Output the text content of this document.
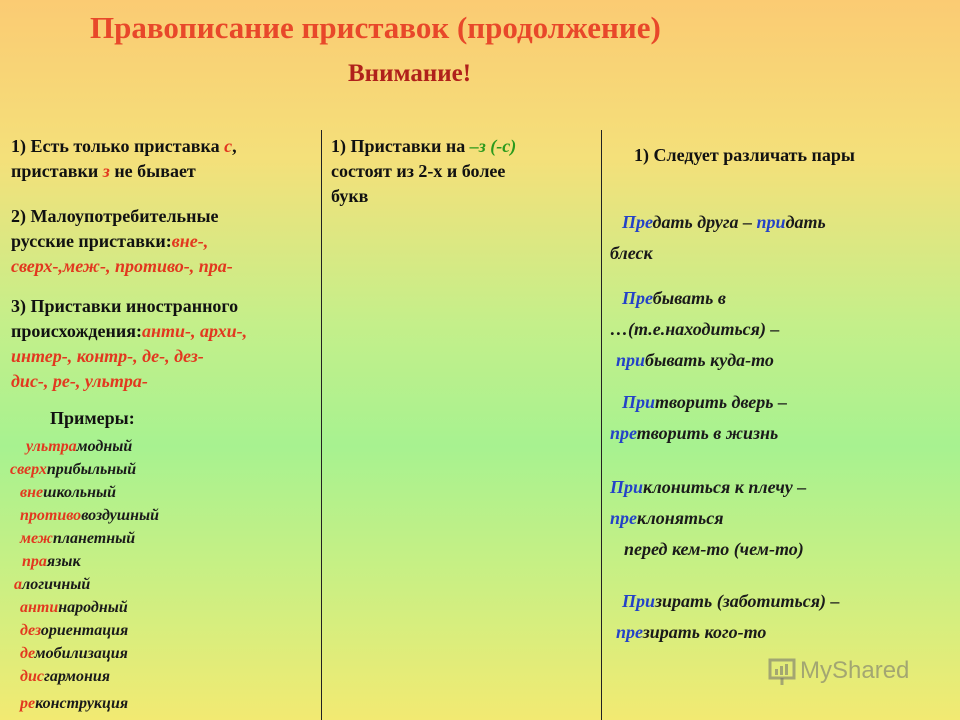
Правописание приставок (продолжение)
Внимание!
1) Есть только приставка с,
приставки з не бывает
2) Малоупотребительные
русские приставки:вне-,
сверх-,меж-, противо-, пра-
3) Приставки иностранного
происхождения:анти-, архи-,
интер-, контр-, де-, дез-
дис-, ре-, ультра-
Примеры:
ультрамодный
сверхприбыльный
внешкольный
противовоздушный
межпланетный
праязык
алогичный
антинародный
дезориентация
демобилизация
дисгармония
реконструкция
1) Приставки на –з (-с)
состоят из 2-х и более
букв
1) Следует различать пары
Предать друга – придать
блеск
Пребывать в
…(т.е.находиться) –
прибывать куда-то
Притворить дверь –
претворить в жизнь
Приклониться к плечу –
преклоняться
перед кем-то (чем-то)
Призирать (заботиться) –
презирать кого-то
MyShared
